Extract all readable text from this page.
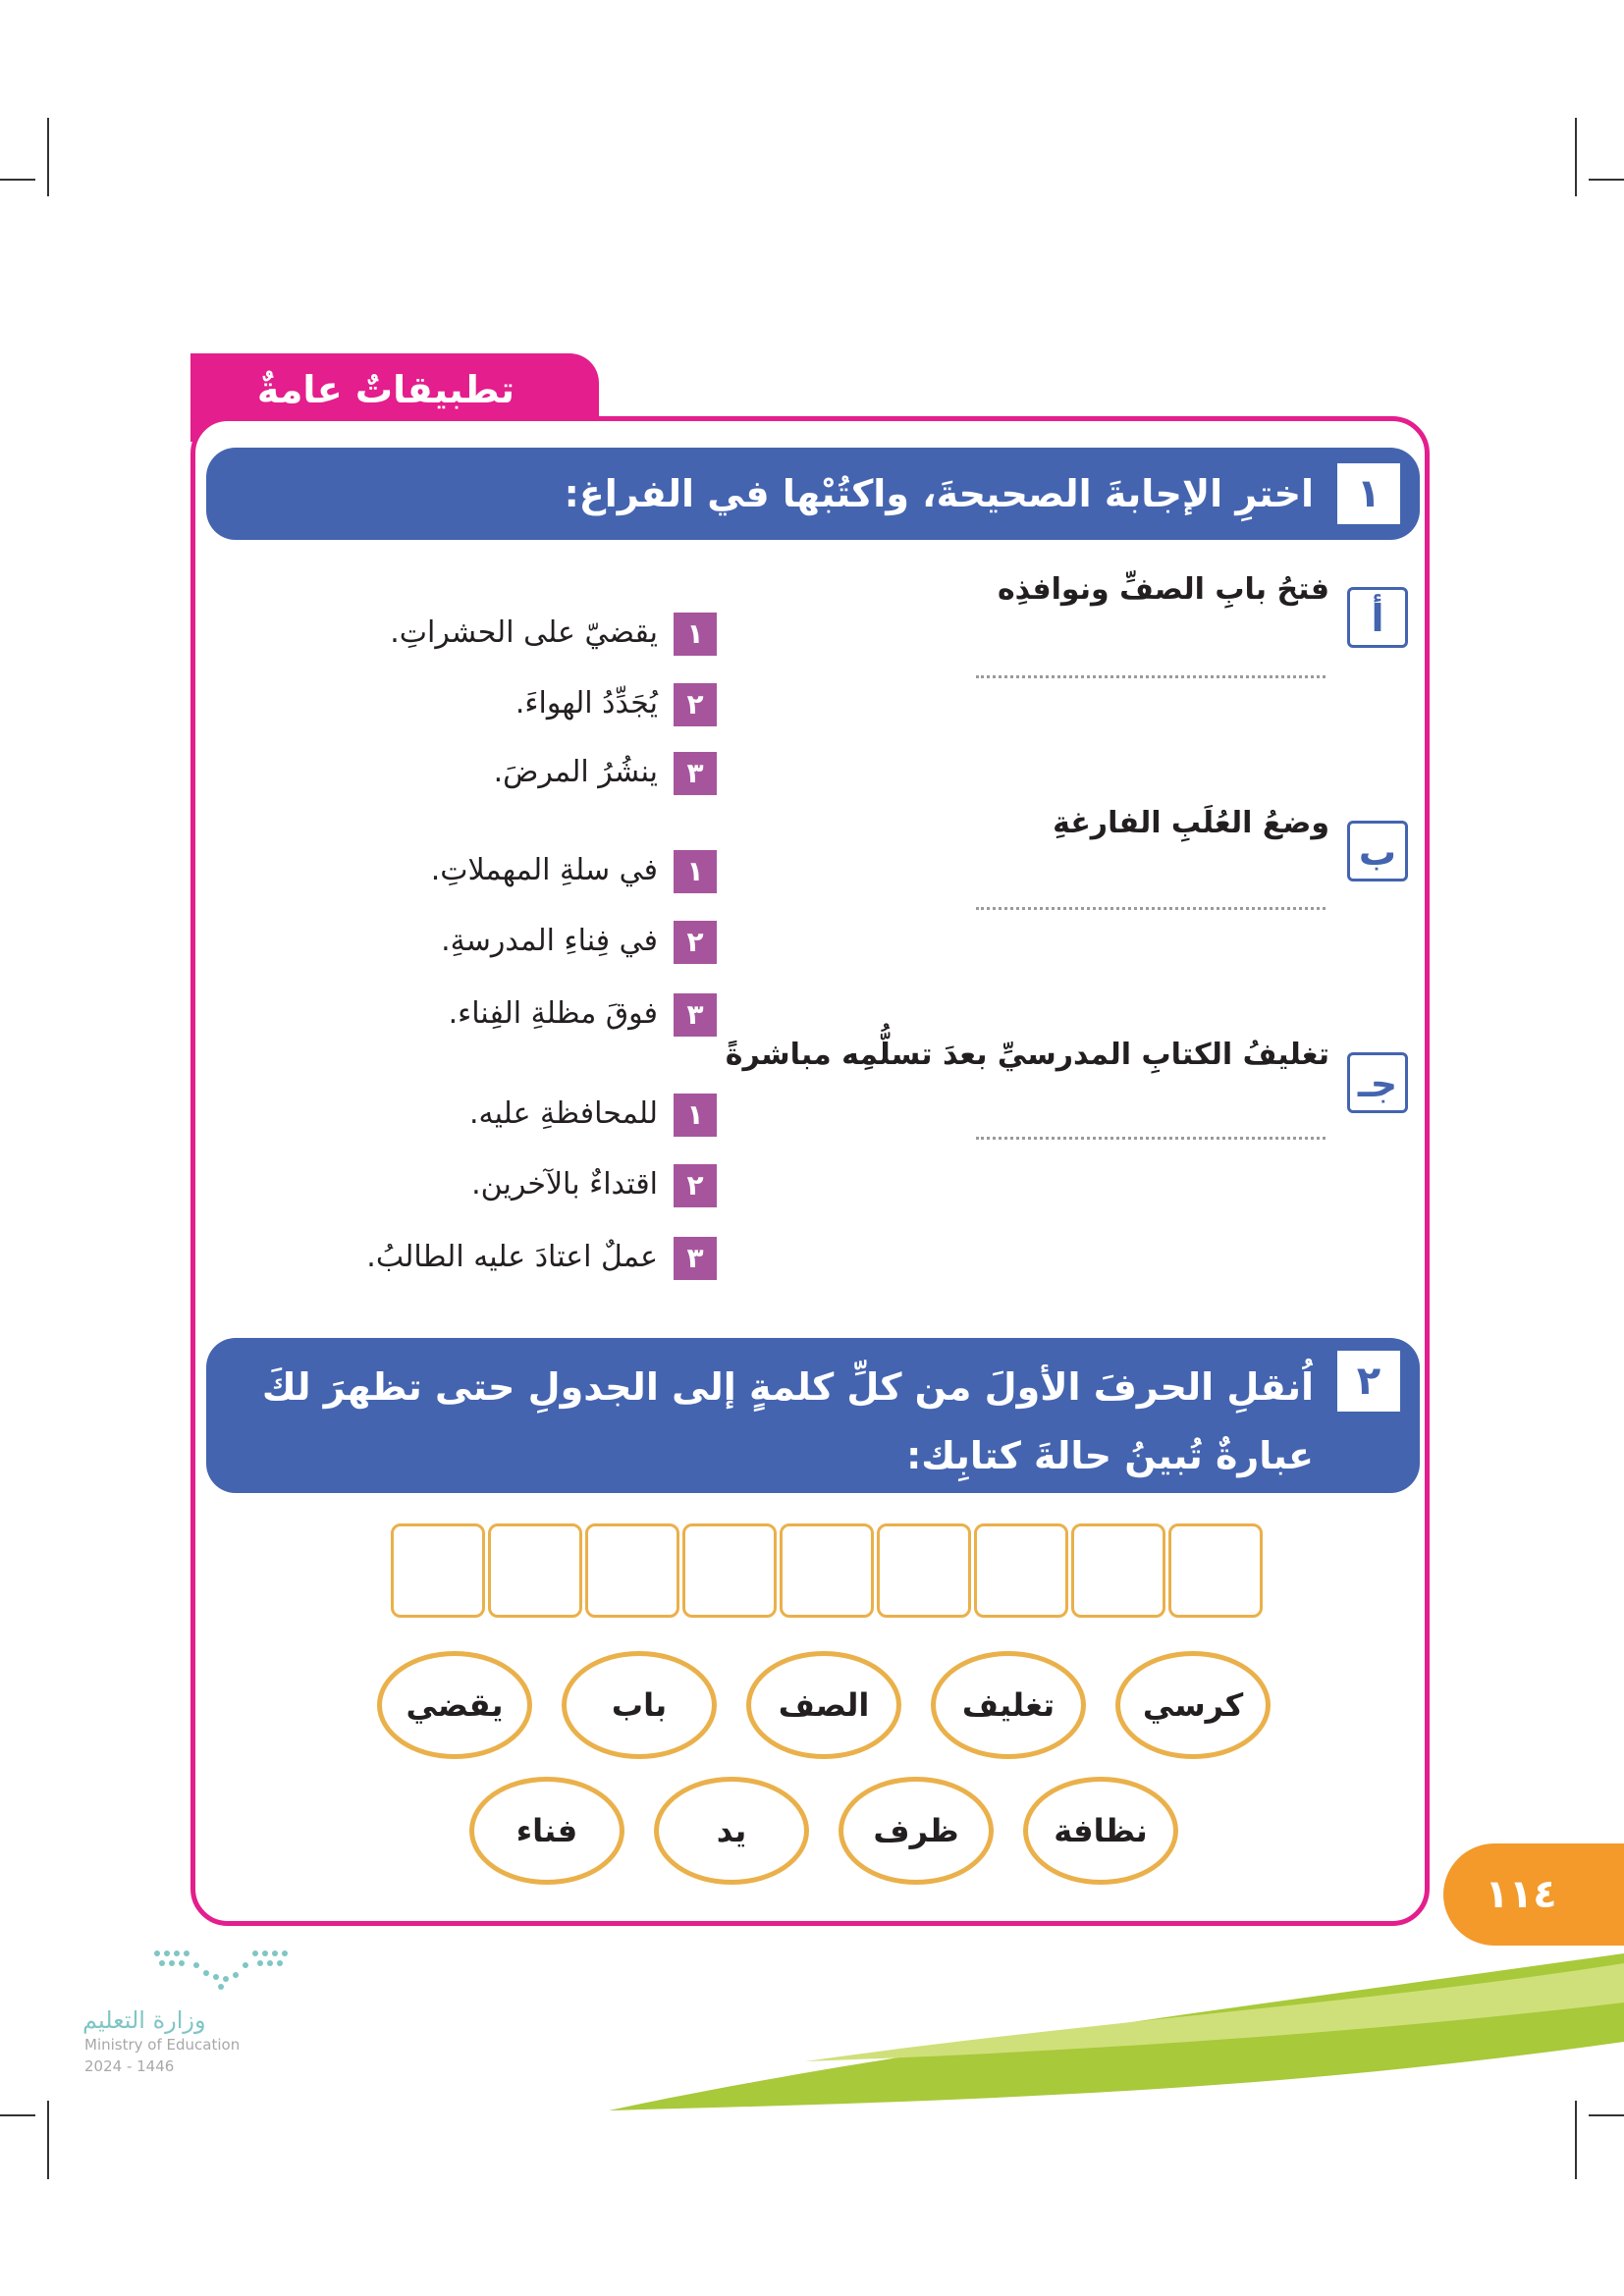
تطبيقاتٌ عامةٌ
١
اخترِ الإجابةَ الصحيحةَ، واكتُبْها في الفراغ:
أ
فتحُ بابِ الصفِّ ونوافذِه
١
يقضيّ على الحشراتِ.
٢
يُجَدِّدُ الهواءَ.
٣
ينشُرُ المرضَ.
ب
وضعُ العُلَبِ الفارغةِ
١
في سلةِ المهملاتِ.
٢
في فِناءِ المدرسةِ.
٣
فوقَ مظلةِ الفِناء.
جـ
تغليفُ الكتابِ المدرسيِّ بعدَ تسلُّمِه مباشرةً
١
للمحافظةِ عليه.
٢
اقتداءٌ بالآخرين.
٣
عملٌ اعتادَ عليه الطالبُ.
٢
اُنقلِ الحرفَ الأولَ من كلِّ كلمةٍ إلى الجدولِ حتى تظهرَ لكَ
عبارةٌ تُبينُ حالةَ كتابِك:
كرسي
تغليف
الصف
باب
يقضي
نظافة
ظرف
يد
فناء
١١٤
وزارة التعليم
Ministry of Education
2024 - 1446
